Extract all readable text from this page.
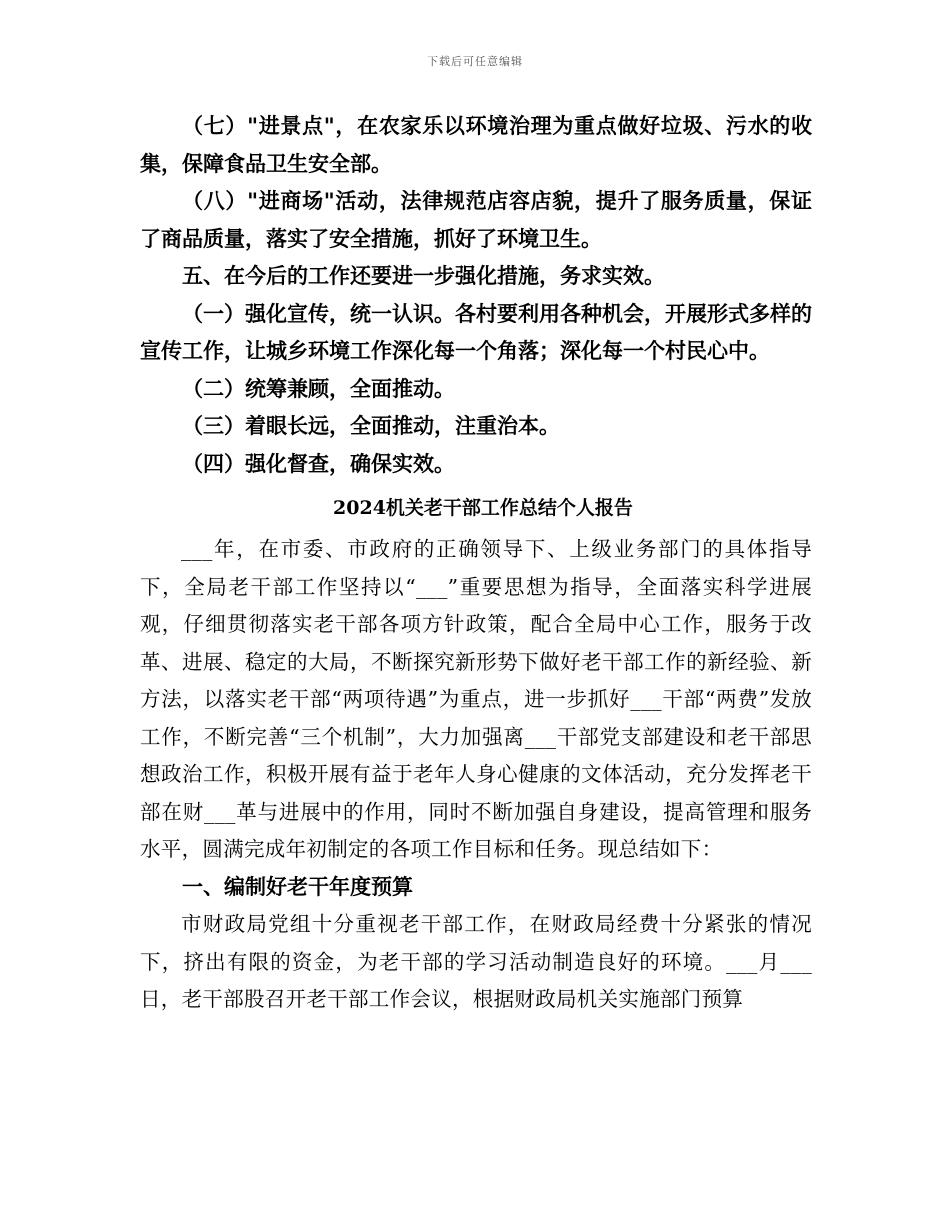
下载后可任意编辑

（七）"进景点"，在农家乐以环境治理为重点做好垃圾、污水的收集，保障食品卫生安全部。

（八）"进商场"活动，法律规范店容店貌，提升了服务质量，保证了商品质量，落实了安全措施，抓好了环境卫生。

五、在今后的工作还要进一步强化措施，务求实效。

（一）强化宣传，统一认识。各村要利用各种机会，开展形式多样的宣传工作，让城乡环境工作深化每一个角落；深化每一个村民心中。

（二）统筹兼顾，全面推动。

（三）着眼长远，全面推动，注重治本。

（四）强化督查，确保实效。

2024机关老干部工作总结个人报告

___年，在市委、市政府的正确领导下、上级业务部门的具体指导下，全局老干部工作坚持以“___”重要思想为指导，全面落实科学进展观，仔细贯彻落实老干部各项方针政策，配合全局中心工作，服务于改革、进展、稳定的大局，不断探究新形势下做好老干部工作的新经验、新方法，以落实老干部“两项待遇”为重点，进一步抓好___干部“两费”发放工作，不断完善“三个机制”，大力加强离___干部党支部建设和老干部思想政治工作，积极开展有益于老年人身心健康的文体活动，充分发挥老干部在财___革与进展中的作用，同时不断加强自身建设，提高管理和服务水平，圆满完成年初制定的各项工作目标和任务。现总结如下：

一、编制好老干年度预算

市财政局党组十分重视老干部工作，在财政局经费十分紧张的情况下，挤出有限的资金，为老干部的学习活动制造良好的环境。___月___日，老干部股召开老干部工作会议，根据财政局机关实施部门预算
